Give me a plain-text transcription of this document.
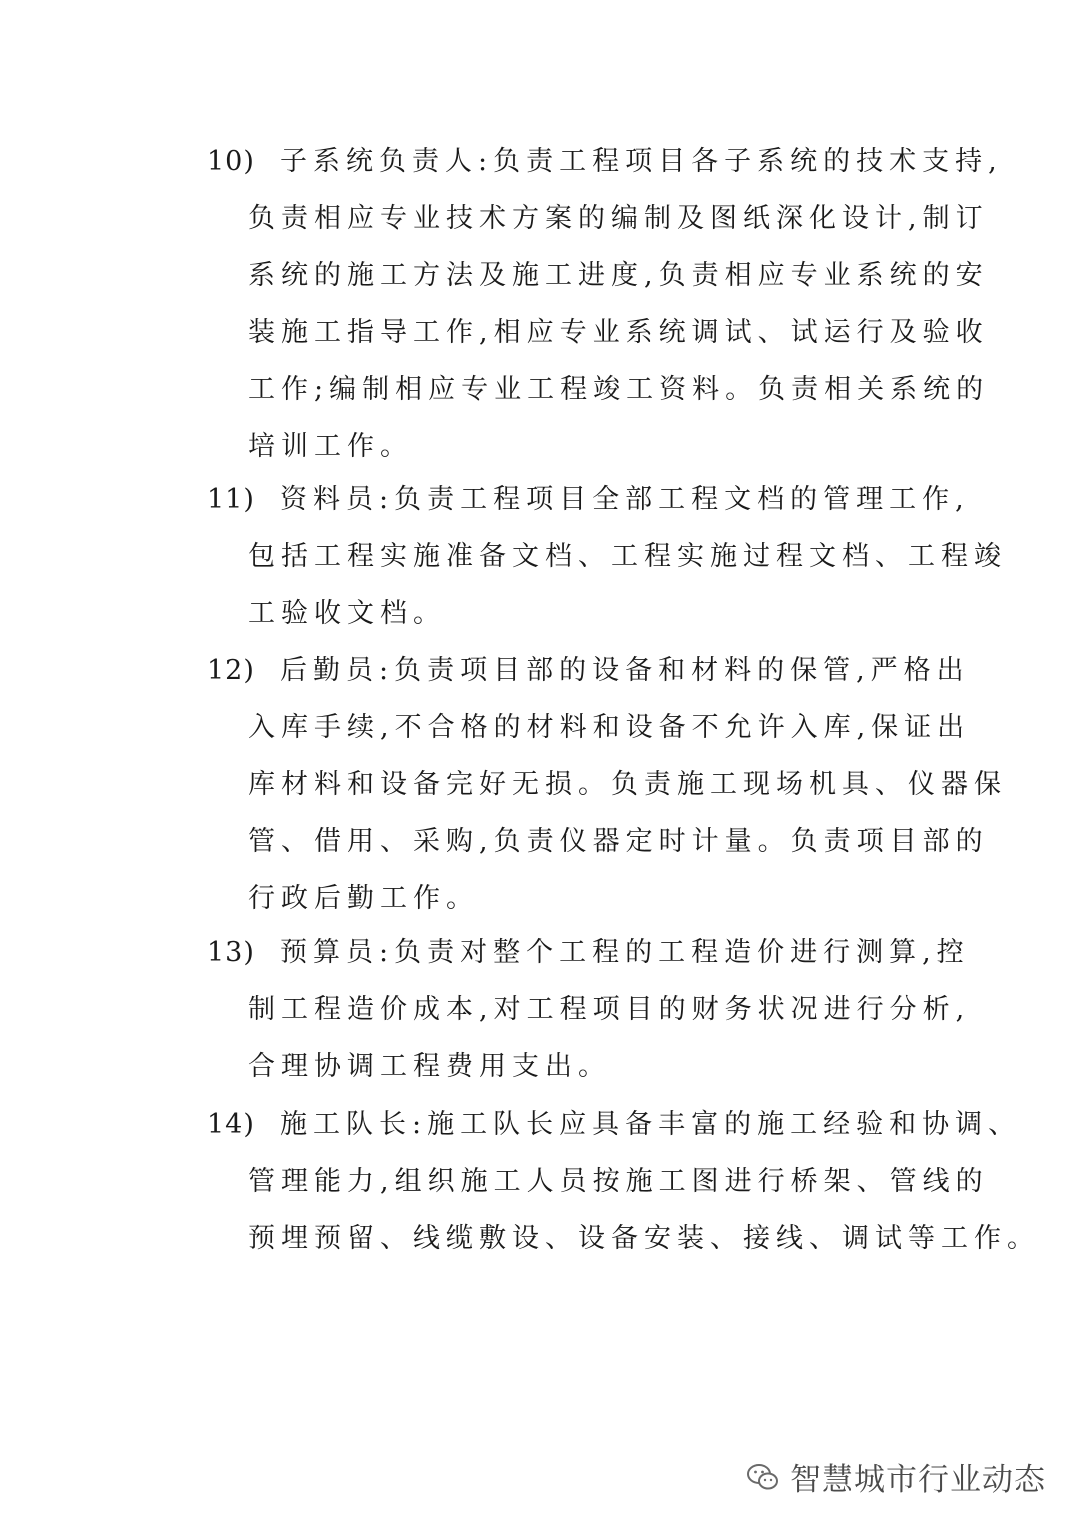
10) 子系统负责人:负责工程项目各子系统的技术支持,
负责相应专业技术方案的编制及图纸深化设计,制订
系统的施工方法及施工进度,负责相应专业系统的安
装施工指导工作,相应专业系统调试、试运行及验收
工作;编制相应专业工程竣工资料。负责相关系统的
培训工作。
11) 资料员:负责工程项目全部工程文档的管理工作,
包括工程实施准备文档、工程实施过程文档、工程竣
工验收文档。
12) 后勤员:负责项目部的设备和材料的保管,严格出
入库手续,不合格的材料和设备不允许入库,保证出
库材料和设备完好无损。负责施工现场机具、仪器保
管、借用、采购,负责仪器定时计量。负责项目部的
行政后勤工作。
13) 预算员:负责对整个工程的工程造价进行测算,控
制工程造价成本,对工程项目的财务状况进行分析,
合理协调工程费用支出。
14) 施工队长:施工队长应具备丰富的施工经验和协调、
管理能力,组织施工人员按施工图进行桥架、管线的
预埋预留、线缆敷设、设备安装、接线、调试等工作。
智慧城市行业动态
